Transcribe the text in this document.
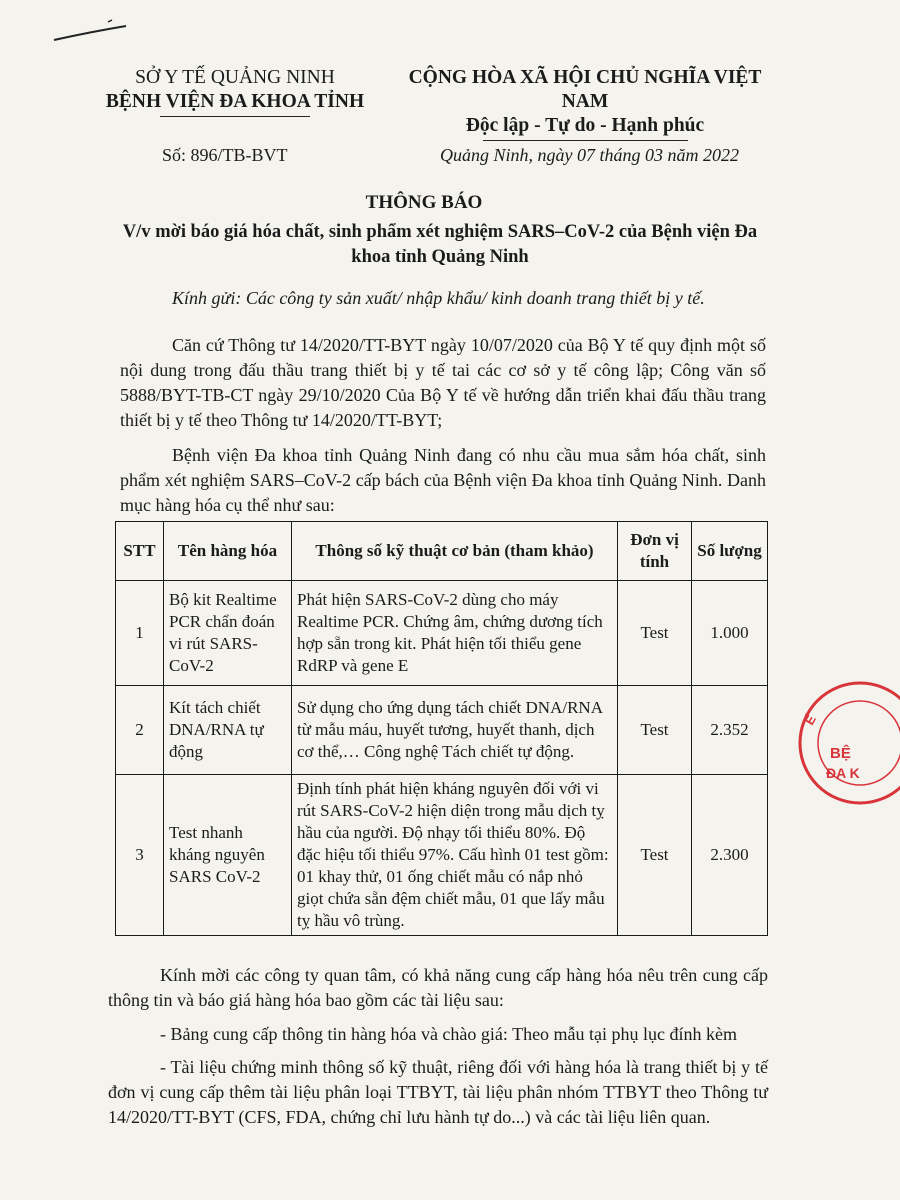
SỞ Y TẾ QUẢNG NINH
BỆNH VIỆN ĐA KHOA TỈNH
CỘNG HÒA XÃ HỘI CHỦ NGHĨA VIỆT NAM
Độc lập - Tự do - Hạnh phúc
Số: 896/TB-BVT	Quảng Ninh, ngày 07 tháng 03 năm 2022
THÔNG BÁO
V/v mời báo giá hóa chất, sinh phẩm xét nghiệm SARS–CoV-2 của Bệnh viện Đa khoa tỉnh Quảng Ninh
Kính gửi: Các công ty sản xuất/ nhập khẩu/ kinh doanh trang thiết bị y tế.

Căn cứ Thông tư 14/2020/TT-BYT ngày 10/07/2020 của Bộ Y tế quy định một số nội dung trong đấu thầu trang thiết bị y tế tai các cơ sở y tế công lập; Công văn số 5888/BYT-TB-CT ngày 29/10/2020 Của Bộ Y tế về hướng dẫn triển khai đấu thầu trang thiết bị y tế theo Thông tư 14/2020/TT-BYT;

Bệnh viện Đa khoa tỉnh Quảng Ninh đang có nhu cầu mua sắm hóa chất, sinh phẩm xét nghiệm SARS–CoV-2 cấp bách của Bệnh viện Đa khoa tỉnh Quảng Ninh. Danh mục hàng hóa cụ thể như sau:

STT	Tên hàng hóa	Thông số kỹ thuật cơ bản (tham khảo)	Đơn vị tính	Số lượng
1	Bộ kit Realtime PCR chẩn đoán vi rút SARS-CoV-2	Phát hiện SARS-CoV-2 dùng cho máy Realtime PCR. Chứng âm, chứng dương tích hợp sẵn trong kit. Phát hiện tối thiểu gene RdRP và gene E	Test	1.000
2	Kít tách chiết DNA/RNA tự động	Sử dụng cho ứng dụng tách chiết DNA/RNA từ mẫu máu, huyết tương, huyết thanh, dịch cơ thể,… Công nghệ Tách chiết tự động.	Test	2.352
3	Test nhanh kháng nguyên SARS CoV-2	Định tính phát hiện kháng nguyên đối với vi rút SARS-CoV-2 hiện diện trong mẫu dịch tỵ hầu của người. Độ nhạy tối thiểu 80%. Độ đặc hiệu tối thiểu 97%. Cấu hình 01 test gồm: 01 khay thử, 01 ống chiết mẫu có nắp nhỏ giọt chứa sẵn đệm chiết mẫu, 01 que lấy mẫu tỵ hầu vô trùng.	Test	2.300

Kính mời các công ty quan tâm, có khả năng cung cấp hàng hóa nêu trên cung cấp thông tin và báo giá hàng hóa bao gồm các tài liệu sau:

- Bảng cung cấp thông tin hàng hóa và chào giá: Theo mẫu tại phụ lục đính kèm

- Tài liệu chứng minh thông số kỹ thuật, riêng đối với hàng hóa là trang thiết bị y tế đơn vị cung cấp thêm tài liệu phân loại TTBYT, tài liệu phân nhóm TTBYT theo Thông tư 14/2020/TT-BYT (CFS, FDA, chứng chỉ lưu hành tự do...) và các tài liệu liên quan.

Ế
BỆ
ĐA K
